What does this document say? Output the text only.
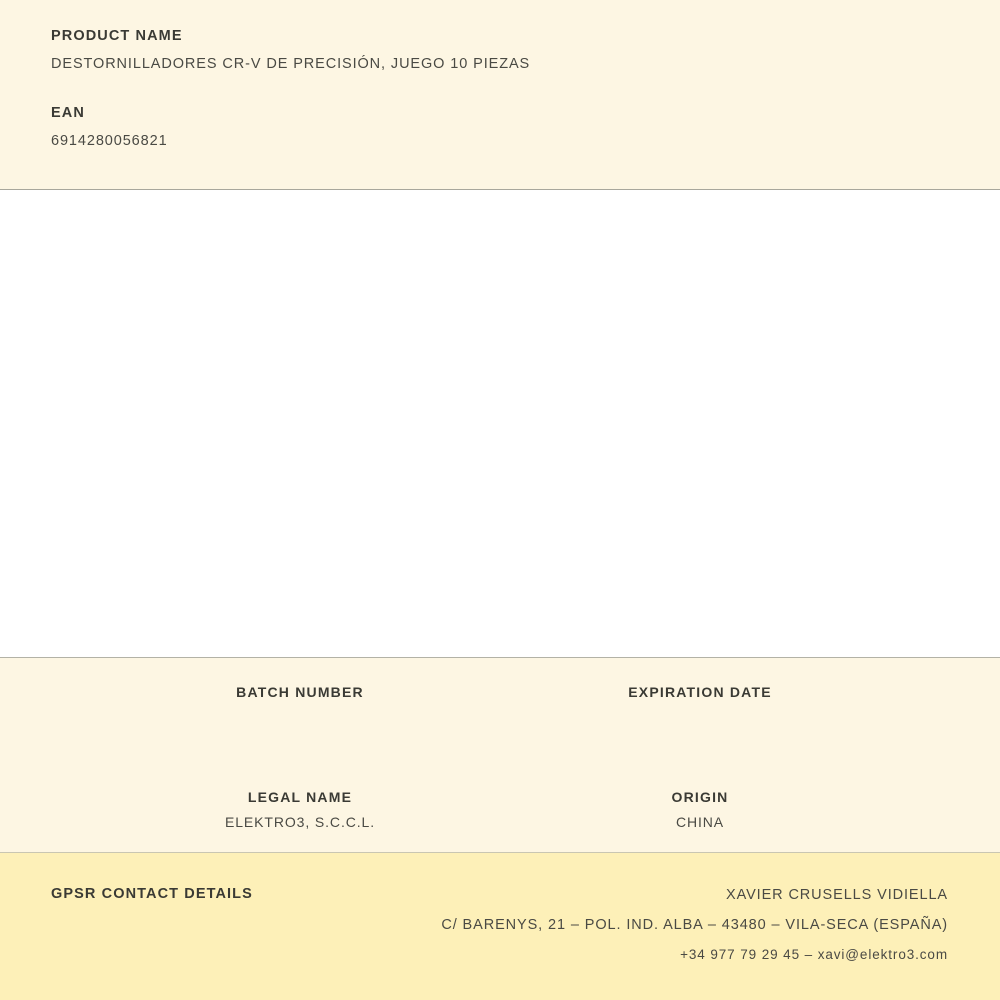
PRODUCT NAME

DESTORNILLADORES CR-V DE PRECISIÓN, JUEGO 10 PIEZAS

EAN

6914280056821

BATCH NUMBER	EXPIRATION DATE

LEGAL NAME

ELEKTRO3, S.C.C.L.

ORIGIN

CHINA

GPSR CONTACT DETAILS	XAVIER CRUSELLS VIDIELLA

C/ BARENYS, 21 – POL. IND. ALBA – 43480 – VILA-SECA (ESPAÑA)

+34 977 79 29 45 – xavi@elektro3.com
